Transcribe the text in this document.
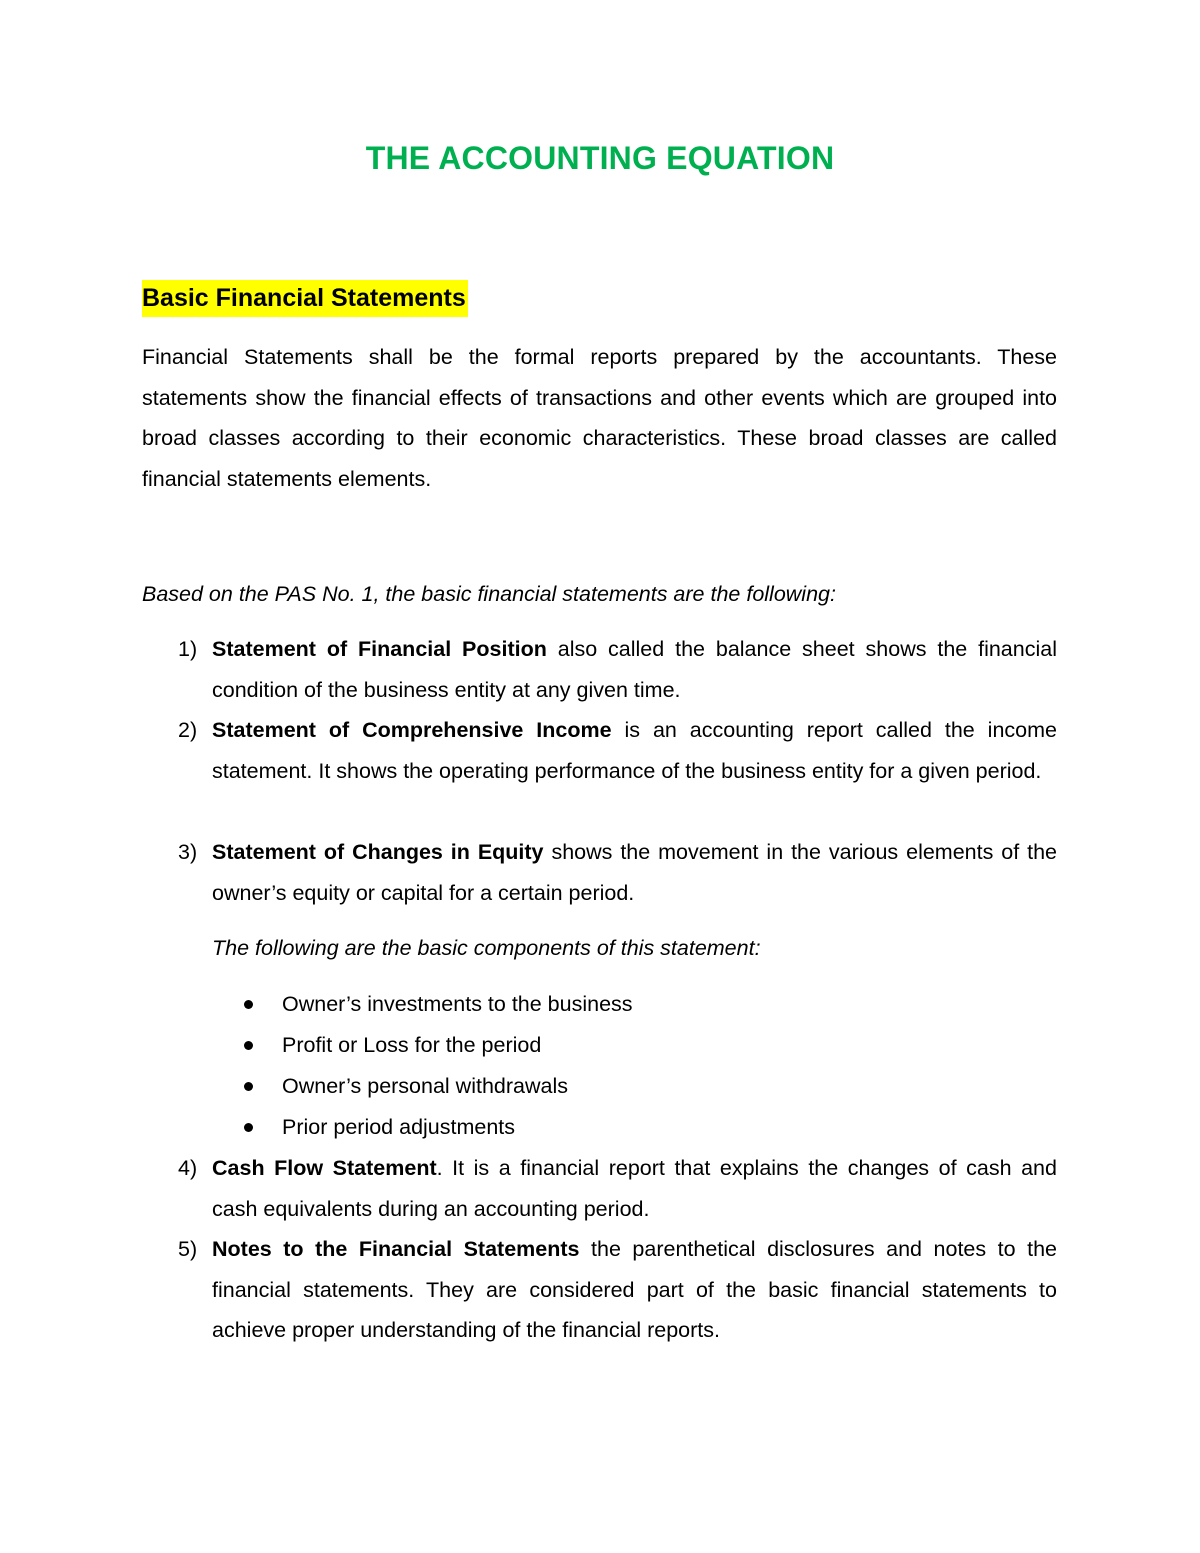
THE ACCOUNTING EQUATION
Basic Financial Statements
Financial Statements shall be the formal reports prepared by the accountants. These statements show the financial effects of transactions and other events which are grouped into broad classes according to their economic characteristics. These broad classes are called financial statements elements.
Based on the PAS No. 1, the basic financial statements are the following:
1) Statement of Financial Position also called the balance sheet shows the financial condition of the business entity at any given time.
2) Statement of Comprehensive Income is an accounting report called the income statement. It shows the operating performance of the business entity for a given period.
3) Statement of Changes in Equity shows the movement in the various elements of the owner’s equity or capital for a certain period.
The following are the basic components of this statement:
Owner’s investments to the business
Profit or Loss for the period
Owner’s personal withdrawals
Prior period adjustments
4) Cash Flow Statement. It is a financial report that explains the changes of cash and cash equivalents during an accounting period.
5) Notes to the Financial Statements the parenthetical disclosures and notes to the financial statements. They are considered part of the basic financial statements to achieve proper understanding of the financial reports.
